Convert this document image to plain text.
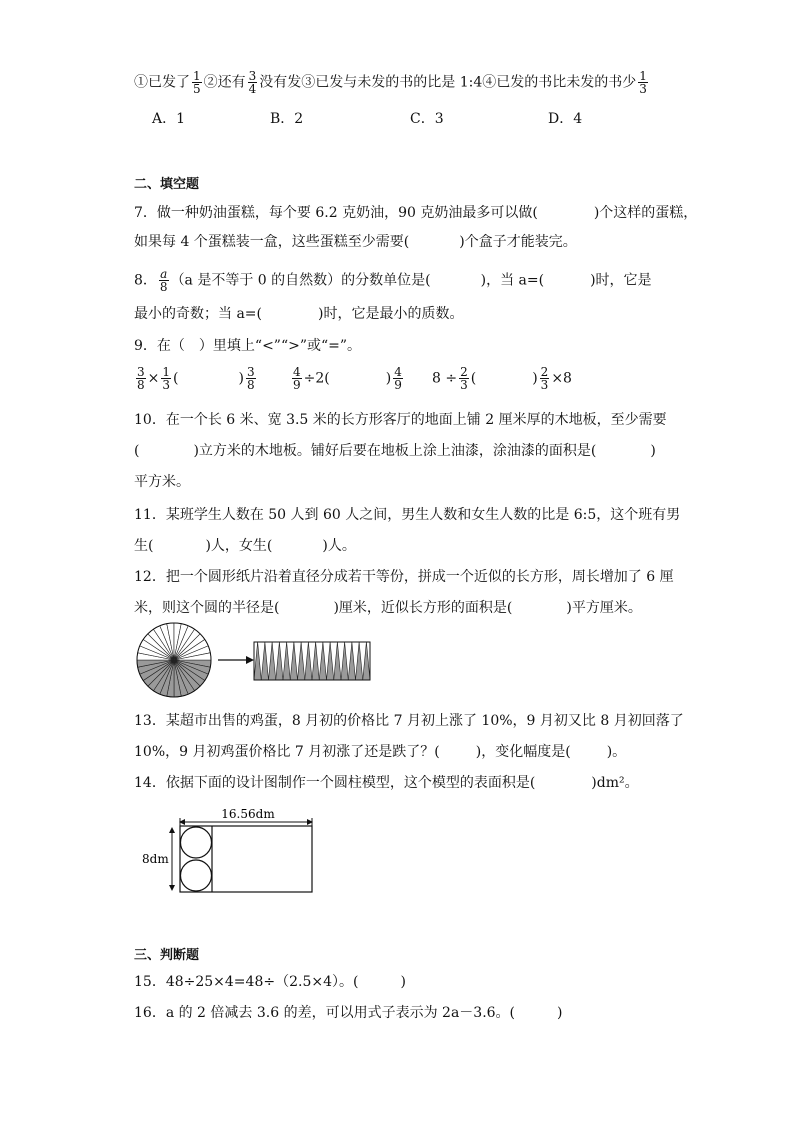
①已发了 $\frac{1}{5}$ ②还有 $\frac{3}{4}$ 没有发③已发与未发的书的比是 1:4④已发的书比未发的书少 $\frac{1}{3}$
A．1	B．2	C．3	D．4
二、填空题
7．做一种奶油蛋糕，每个要 6.2 克奶油，90 克奶油最多可以做(	)个这样的蛋糕，
如果每 4 个蛋糕装一盒，这些蛋糕至少需要(	)个盒子才能装完。
8． $\frac{a}{8} (a$ 是不等于 0 的自然数）的分数单位是(	)，当 a=(	)时，它是
最小的奇数；当 a=(	)时，它是最小的质数。
9．在（　）里填上“<”“>”或“=”。
$\frac{3}{8} \times \frac{1}{3}$ (	) $\frac{3}{8}$	$\frac{4}{9} \div 2$(	) $\frac{4}{9} 8 \div \frac{2}{3}$ (	) $\frac{2}{3} \times 8$
10．在一个长 6 米、宽 3.5 米的长方形客厅的地面上铺 2 厘米厚的木地板，至少需要
(	)立方米的木地板。铺好后要在地板上涂上油漆，涂油漆的面积是(	)
平方米。
11．某班学生人数在 50 人到 60 人之间，男生人数和女生人数的比是 6:5，这个班有男
生(	)人，女生(	)人。
12．把一个圆形纸片沿着直径分成若干等份，拼成一个近似的长方形，周长增加了 6 厘
米，则这个圆的半径是(	)厘米，近似长方形的面积是(	)平方厘米。
13．某超市出售的鸡蛋，8 月初的价格比 7 月初上涨了 10%，9 月初又比 8 月初回落了
10%，9 月初鸡蛋价格比 7 月初涨了还是跌了？(	)，变化幅度是(	)。
14．依据下面的设计图制作一个圆柱模型，这个模型的表面积是(	)dm²。
16.56dm
8dm
三、判断题
15．48÷25×4=48÷（2.5×4）。(　　　)
16．a 的 2 倍减去 3.6 的差，可以用式子表示为 2a－3.6。(　　　)
